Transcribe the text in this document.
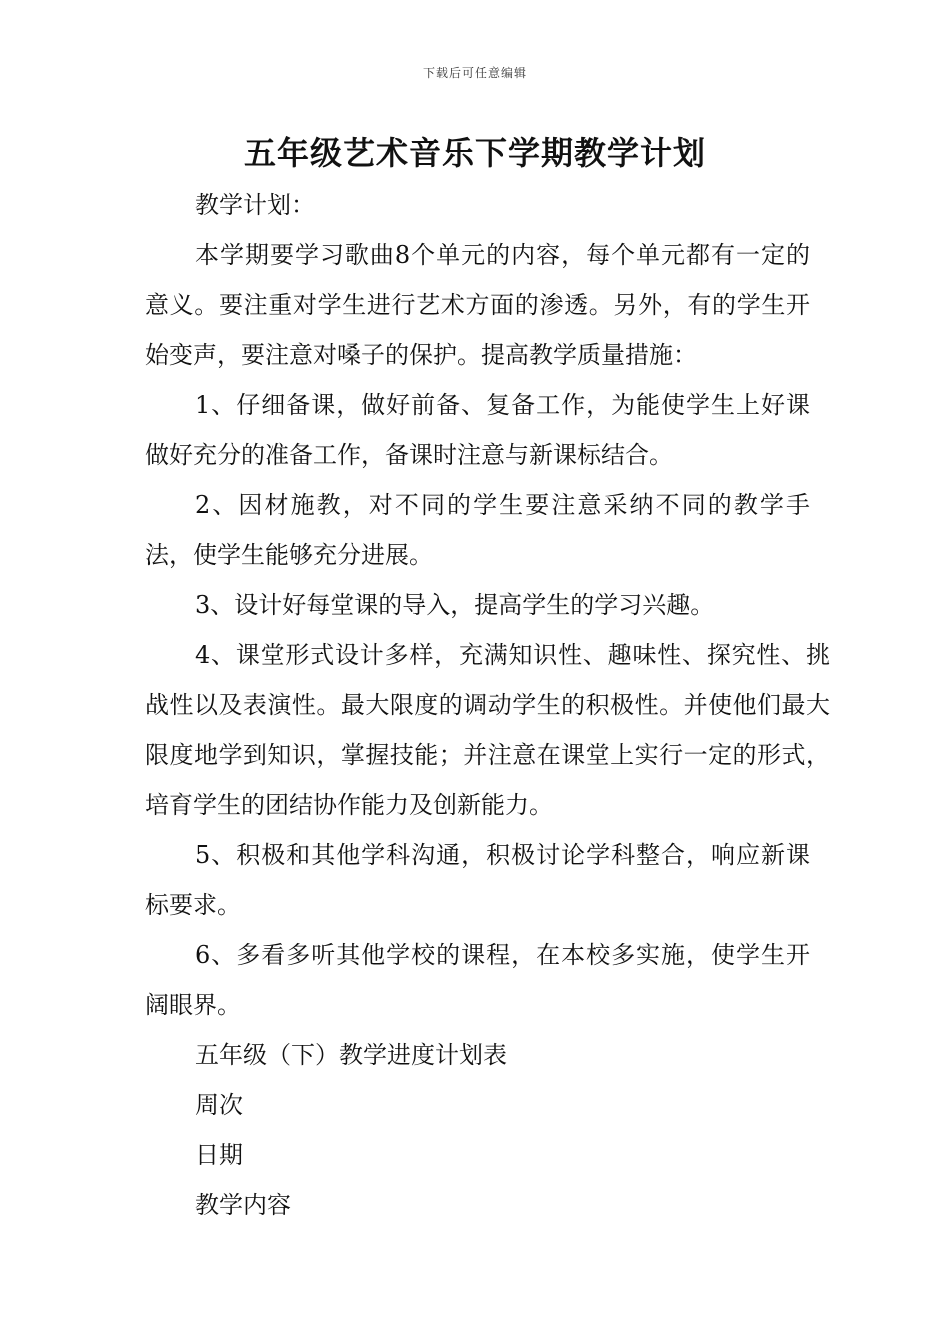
下载后可任意编辑
五年级艺术音乐下学期教学计划

教学计划：

本学期要学习歌曲8个单元的内容，每个单元都有一定的意义。要注重对学生进行艺术方面的渗透。另外，有的学生开始变声，要注意对嗓子的保护。提高教学质量措施：

1、仔细备课，做好前备、复备工作，为能使学生上好课做好充分的准备工作，备课时注意与新课标结合。

2、因材施教，对不同的学生要注意采纳不同的教学手法，使学生能够充分进展。

3、设计好每堂课的导入，提高学生的学习兴趣。

4、课堂形式设计多样，充满知识性、趣味性、探究性、挑战性以及表演性。最大限度的调动学生的积极性。并使他们最大限度地学到知识，掌握技能；并注意在课堂上实行一定的形式，培育学生的团结协作能力及创新能力。

5、积极和其他学科沟通，积极讨论学科整合，响应新课标要求。

6、多看多听其他学校的课程，在本校多实施，使学生开阔眼界。

五年级（下）教学进度计划表

周次

日期

教学内容
